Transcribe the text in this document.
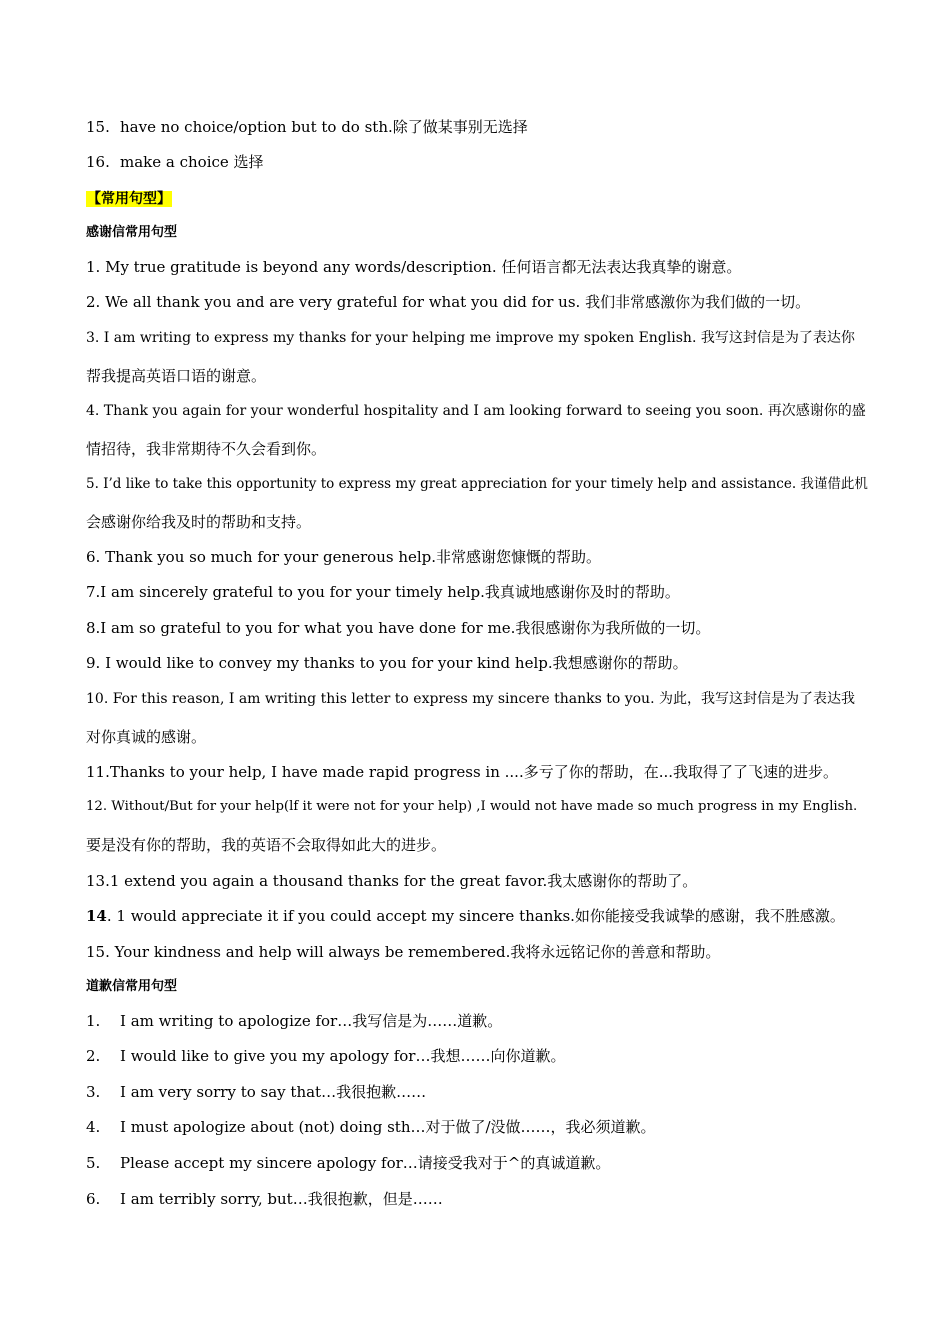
15. have no choice/option but to do sth.除了做某事别无选择
16. make a choice 选择
【常用句型】
感谢信常用句型
1. My true gratitude is beyond any words/description. 任何语言都无法表达我真挚的谢意。
2. We all thank you and are very grateful for what you did for us. 我们非常感激你为我们做的一切。
3. I am writing to express my thanks for your helping me improve my spoken English. 我写这封信是为了表达你
帮我提高英语口语的谢意。
4. Thank you again for your wonderful hospitality and I am looking forward to seeing you soon. 再次感谢你的盛
情招待，我非常期待不久会看到你。
5. I’d like to take this opportunity to express my great appreciation for your timely help and assistance. 我谨借此机
会感谢你给我及时的帮助和支持。
6. Thank you so much for your generous help.非常感谢您慷慨的帮助。
7.I am sincerely grateful to you for your timely help.我真诚地感谢你及时的帮助。
8.I am so grateful to you for what you have done for me.我很感谢你为我所做的一切。
9. I would like to convey my thanks to you for your kind help.我想感谢你的帮助。
10. For this reason, I am writing this letter to express my sincere thanks to you. 为此，我写这封信是为了表达我
对你真诚的感谢。
11.Thanks to your help, I have made rapid progress in ....多亏了你的帮助，在...我取得了了飞速的进步。
12. Without/But for your help(lf it were not for your help) ,I would not have made so much progress in my English.
要是没有你的帮助，我的英语不会取得如此大的进步。
13.1 extend you again a thousand thanks for the great favor.我太感谢你的帮助了。
14. 1 would appreciate it if you could accept my sincere thanks.如你能接受我诚挚的感谢，我不胜感激。
15. Your kindness and help will always be remembered.我将永远铭记你的善意和帮助。
道歉信常用句型
1. I am writing to apologize for…我写信是为……道歉。
2. I would like to give you my apology for…我想……向你道歉。
3. I am very sorry to say that…我很抱歉……
4. I must apologize about (not) doing sth…对于做了/没做……，我必须道歉。
5. Please accept my sincere apology for…请接受我对于^的真诚道歉。
6. I am terribly sorry, but…我很抱歉，但是……
